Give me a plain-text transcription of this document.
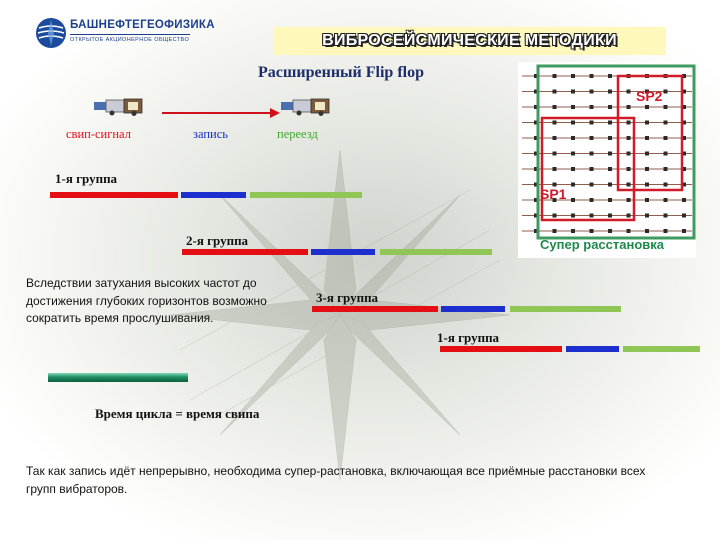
БАШНЕФТЕГЕОФИЗИКА
ОТКРЫТОЕ АКЦИОНЕРНОЕ ОБЩЕСТВО	ВИБРОСЕЙСМИЧЕСКИЕ МЕТОДИКИ
Расширенный Flip flop
свип-сигнал	запись	переезд
1-я группа
2-я группа
3-я группа
1-я группа
Вследствии затухания высоких частот до достижения глубоких горизонтов возможно сократить время прослушивания.
Время цикла = время свипа
Так как запись идёт непрерывно, необходима супер-растановка, включающая все приёмные расстановки всех групп вибраторов.
SP2
SP1
Супер расстановка
